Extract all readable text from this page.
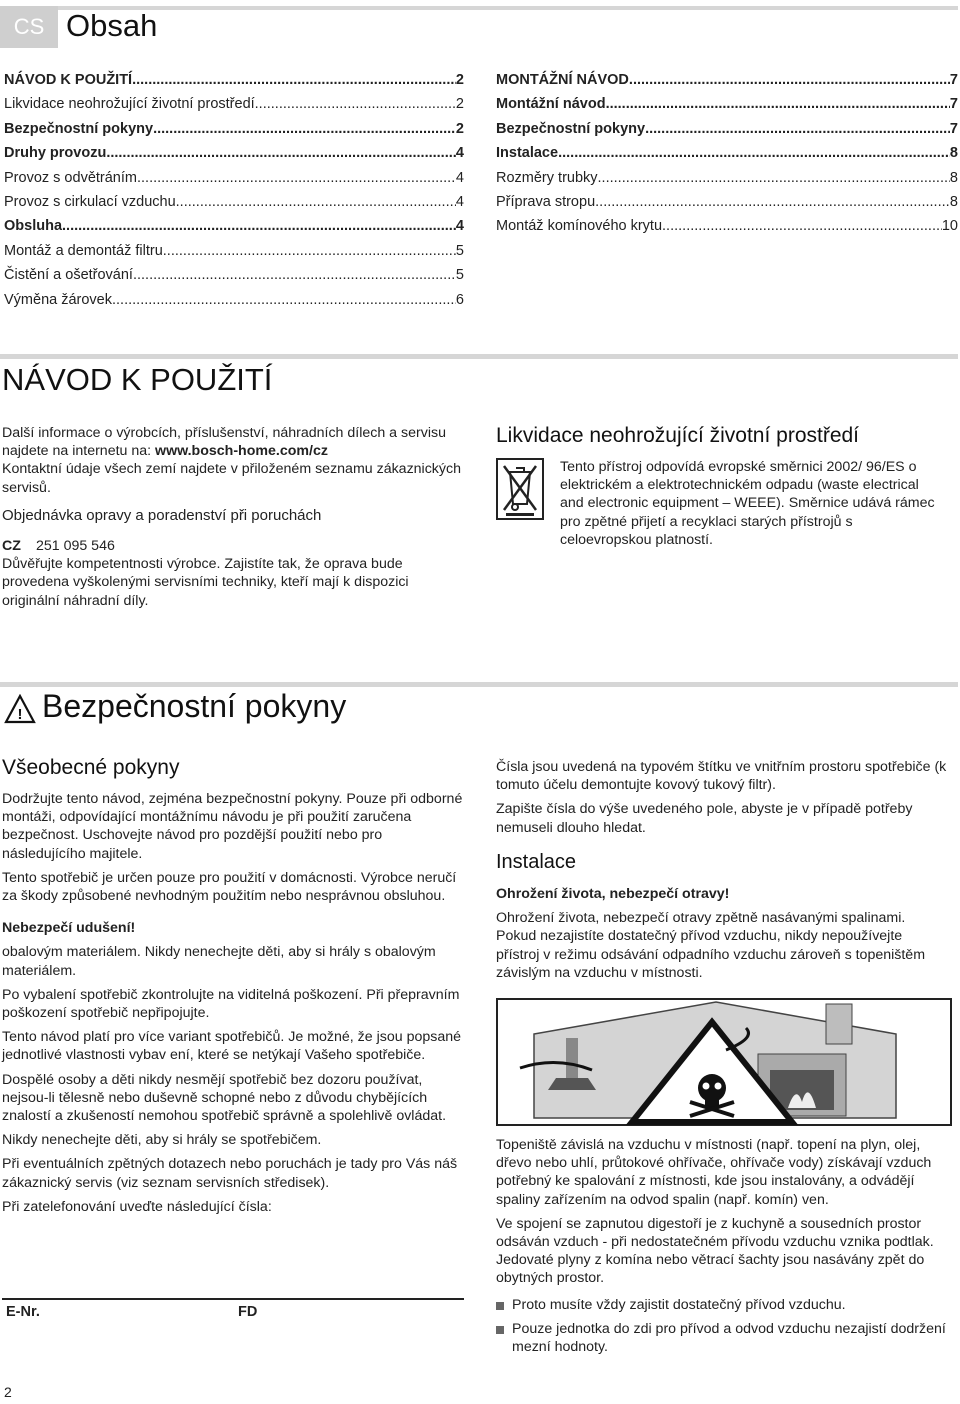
CS Obsah
NÁVOD K POUŽITÍ .....	2
Likvidace neohrožující životní prostředí .....	2
Bezpečnostní pokyny .....	2
Druhy provozu .....	4
Provoz s odvětráním .....	4
Provoz s cirkulací vzduchu .....	4
Obsluha .....	4
Montáž a demontáž filtru .....	5
Čistění a ošetřování .....	5
Výměna žárovek .....	6
MONTÁŽNÍ NÁVOD .....	7
Montážní návod .....	7
Bezpečnostní pokyny .....	7
Instalace .....	8
Rozměry trubky .....	8
Příprava stropu .....	8
Montáž komínového krytu .....	10
NÁVOD K POUŽITÍ

Další informace o výrobcích, příslušenství, náhradních dílech a servisu najdete na internetu na: www.bosch-home.com/cz

Kontaktní údaje všech zemí najdete v přiloženém seznamu zákaznických servisů.

Objednávka opravy a poradenství při poruchách

CZ 251 095 546

Důvěřujte kompetentnosti výrobce. Zajistíte tak, že oprava bude provedena vyškolenými servisními techniky, kteří mají k dispozici originální náhradní díly.

Likvidace neohrožující životní prostředí
Tento přístroj odpovídá evropské směrnici 2002/ 96/ES o elektrickém a elektrotechnickém odpadu (waste electrical and electronic equipment – WEEE). Směrnice udává rámec pro zpětné přijetí a recyklaci starých přístrojů s celoevropskou platností.
! Bezpečnostní pokyny
Všeobecné pokyny

Dodržujte tento návod, zejména bezpečnostní pokyny. Pouze při odborné montáži, odpovídající montážnímu návodu je při použití zaručena bezpečnost. Uschovejte návod pro pozdější použití nebo pro následujícího majitele.

Tento spotřebič je určen pouze pro použití v domácnosti. Výrobce neručí za škody způsobené nevhodným použitím nebo nesprávnou obsluhou.

Nebezpečí udušení!

obalovým materiálem. Nikdy nenechejte děti, aby si hrály s obalovým materiálem.

Po vybalení spotřebič zkontrolujte na viditelná poškození. Při přepravním poškození spotřebič nepřipojujte.

Tento návod platí pro více variant spotřebičů. Je možné, že jsou popsané jednotlivé vlastnosti vybav ení, které se netýkají Vašeho spotřebiče.

Dospělé osoby a děti nikdy nesmějí spotřebič bez dozoru používat, nejsou-li tělesně nebo duševně schopné nebo z důvodu chybějících znalostí a zkušeností nemohou spotřebič správně a spolehlivě ovládat.

Nikdy nenechejte děti, aby si hrály se spotřebičem.

Při eventuálních zpětných dotazech nebo poruchách je tady pro Vás náš zákaznický servis (viz seznam servisních středisek).

Při zatelefonování uveďte následující čísla:

E-Nr.	FD

Čísla jsou uvedená na typovém štítku ve vnitřním prostoru spotřebiče (k tomuto účelu demontujte kovový tukový filtr).

Zapište čísla do výše uvedeného pole, abyste je v případě potřeby nemuseli dlouho hledat.

Instalace

Ohrožení života, nebezpečí otravy!

Ohrožení života, nebezpečí otravy zpětně nasávanými spalinami. Pokud nezajistíte dostatečný přívod vzduchu, nikdy nepoužívejte přístroj v režimu odsávání odpadního vzduchu zároveň s topeništěm závislým na vzduchu v místnosti.

Topeniště závislá na vzduchu v místnosti (např. topení na plyn, olej, dřevo nebo uhlí, průtokové ohřívače, ohřívače vody) získávají vzduch potřebný ke spalování z místnosti, kde jsou instalovány, a odvádějí spaliny zařízením na odvod spalin (např. komín) ven.

Ve spojení se zapnutou digestoří je z kuchyně a sousedních prostor odsáván vzduch - při nedostatečném přívodu vzduchu vznika podtlak. Jedovaté plyny z komína nebo větrací šachty jsou nasávány zpět do obytných prostor.

Proto musíte vždy zajistit dostatečný přívod vzduchu.
Pouze jednotka do zdi pro přívod a odvod vzduchu nezajistí dodržení mezní hodnoty.
2
